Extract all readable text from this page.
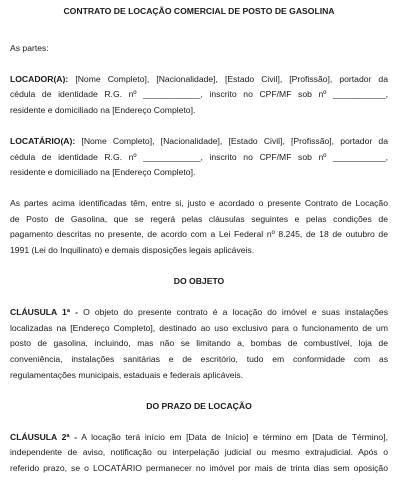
CONTRATO DE LOCAÇÃO COMERCIAL DE POSTO DE GASOLINA

As partes:

LOCADOR(A): [Nome Completo], [Nacionalidade], [Estado Civil], [Profissão], portador da
cédula de identidade R.G. nº ____________, inscrito no CPF/MF sob nº ___________,
residente e domiciliado na [Endereço Completo].

LOCATÁRIO(A): [Nome Completo], [Nacionalidade], [Estado Civil], [Profissão], portador da
cédula de identidade R.G. nº ____________, inscrito no CPF/MF sob nº ___________,
residente e domiciliado na [Endereço Completo].

As partes acima identificadas têm, entre si, justo e acordado o presente Contrato de Locação
de Posto de Gasolina, que se regerá pelas cláusulas seguintes e pelas condições de
pagamento descritas no presente, de acordo com a Lei Federal nº 8.245, de 18 de outubro de
1991 (Lei do Inquilinato) e demais disposições legais aplicáveis.

DO OBJETO

CLÁUSULA 1ª - O objeto do presente contrato é a locação do imóvel e suas instalações
localizadas na [Endereço Completo], destinado ao uso exclusivo para o funcionamento de um
posto de gasolina, incluindo, mas não se limitando a, bombas de combustível, loja de
conveniência, instalações sanitárias e de escritório, tudo em conformidade com as
regulamentações municipais, estaduais e federais aplicáveis.

DO PRAZO DE LOCAÇÃO

CLÁUSULA 2ª - A locação terá início em [Data de Início] e término em [Data de Término],
independente de aviso, notificação ou interpelação judicial ou mesmo extrajudicial. Após o
referido prazo, se o LOCATÁRIO permanecer no imóvel por mais de trinta dias sem oposição
